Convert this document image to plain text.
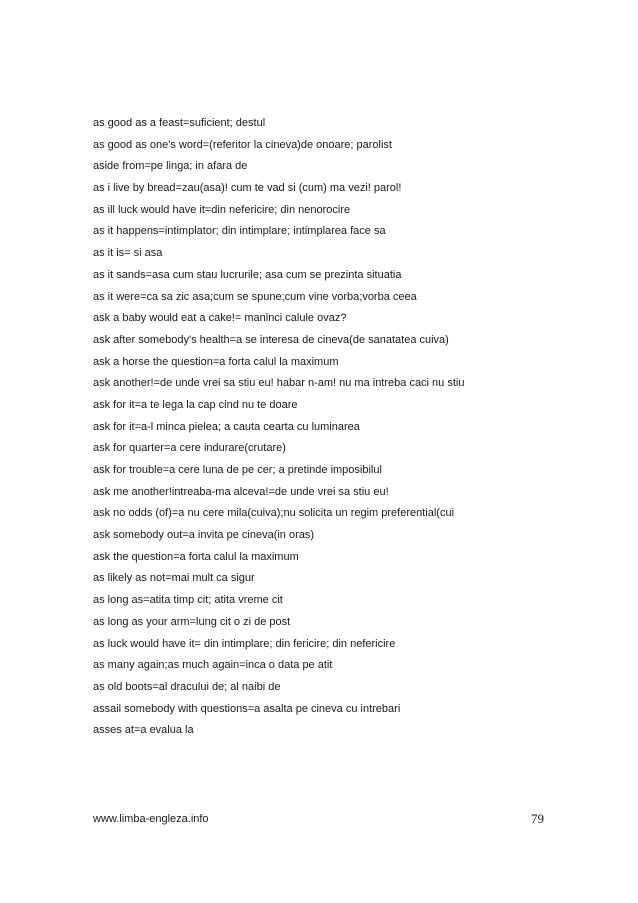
as good as a feast=suficient; destul
as good as one's word=(referitor la cineva)de onoare; parolist
aside from=pe linga; in afara de
as i live by bread=zau(asa)! cum te vad si (cum) ma vezi! parol!
as ill luck would have it=din nefericire; din nenorocire
as it happens=intimplator; din intimplare; intimplarea face sa
as it is= si asa
as it sands=asa cum stau lucrurile; asa cum se prezinta situatia
as it were=ca sa zic asa;cum se spune;cum vine vorba;vorba ceea
ask a baby would eat a cake!= maninci calule ovaz?
ask after somebody's health=a se interesa de cineva(de sanatatea cuiva)
ask a horse the question=a forta calul la maximum
ask another!=de unde vrei sa stiu eu! habar n-am! nu ma intreba caci nu stiu
ask for it=a te lega la cap cind nu te doare
ask for it=a-l minca pielea; a cauta cearta cu luminarea
ask for quarter=a cere indurare(crutare)
ask for trouble=a cere luna de pe cer; a pretinde imposibilul
ask me another!intreaba-ma alceva!=de unde vrei sa stiu eu!
ask no odds (of)=a nu cere mila(cuiva);nu solicita un regim preferential(cui
ask somebody out=a invita pe cineva(in oras)
ask the question=a forta calul la maximum
as likely as not=mai mult ca sigur
as long as=atita timp cit; atita vreme cit
as long as your arm=lung cit o zi de post
as luck would have it= din intimplare; din fericire; din nefericire
as many again;as much again=inca o data pe atit
as old boots=al dracului de; al naibi de
assail somebody with questions=a asalta pe cineva cu intrebari
asses at=a evalua la
www.limba-engleza.info	79
